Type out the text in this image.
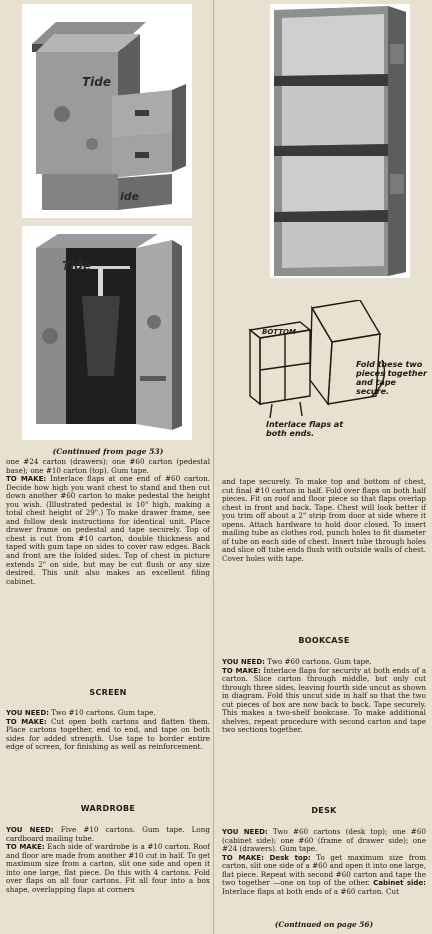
Tide
ide
Tide
(Continued from page 53)

one #24 carton (drawers); one #60 carton (pedestal base); one #10 carton (top). Gum tape.

TO MAKE: Interlace flaps at one end of #60 carton. Decide how high you want chest to stand and then cut down another #60 carton to make pedestal the height you wish. (Illustrated pedestal is 10" high, making a total chest height of 29".) To make drawer frame, see and follow desk instructions for identical unit. Place drawer frame on pedestal and tape securely. Top of chest is cut from #10 carton, double thickness and taped with gum tape on sides to cover raw edges. Back and front are the folded sides. Top of chest in picture extends 2" on side, but may be cut flush or any size desired. This unit also makes an excellent filing cabinet.

SCREEN

YOU NEED: Two #10 cartons. Gum tape.

TO MAKE: Cut open both cartons and flatten them. Place cartons together, end to end, and tape on both sides for added strength. Use tape to border entire edge of screen, for finishing as well as reinforcement.

WARDROBE

YOU NEED: Five #10 cartons. Gum tape. Long cardboard mailing tube.

TO MAKE: Each side of wardrobe is a #10 carton. Roof and floor are made from another #10 cut in half. To get maximum size from a carton, slit one side and open it into one large, flat piece. Do this with 4 cartons. Fold over flaps on all four cartons. Fit all four into a box shape, overlapping flaps at corners

BOTTOM
Fold these two pieces together and tape secure.
Interlace flaps at both ends.
and tape securely. To make top and bottom of chest, cut final #10 carton in half. Fold over flaps on both half pieces. Fit on roof and floor piece so that flaps overlap chest in front and back. Tape. Chest will look better if you trim off about a 2" strip from door at side where it opens. Attach hardware to hold door closed. To insert mailing tube as clothes rod, punch holes to fit diameter of tube on each side of chest. Insert tube through holes and slice off tube ends flush with outside walls of chest. Cover holes with tape.
BOOKCASE

YOU NEED: Two #60 cartons. Gum tape.

TO MAKE: Interlace flaps for security at both ends of a carton. Slice carton through middle, but only cut through three sides, leaving fourth side uncut as shown in diagram. Fold this uncut side in half so that the two cut pieces of box are now back to back. Tape securely. This makes a two-shelf bookcase. To make additional shelves, repeat procedure with second carton and tape two sections together.

DESK

YOU NEED: Two #60 cartons (desk top); one #60 (cabinet side); one #60 (frame of drawer side); one #24 (drawers). Gum tape.

TO MAKE: Desk top: To get maximum size from carton, slit one side of a #60 and open it into one large, flat piece. Repeat with second #60 carton and tape the two together —one on top of the other. Cabinet side: Interlace flaps at both ends of a #60 carton. Cut

(Continued on page 56)
